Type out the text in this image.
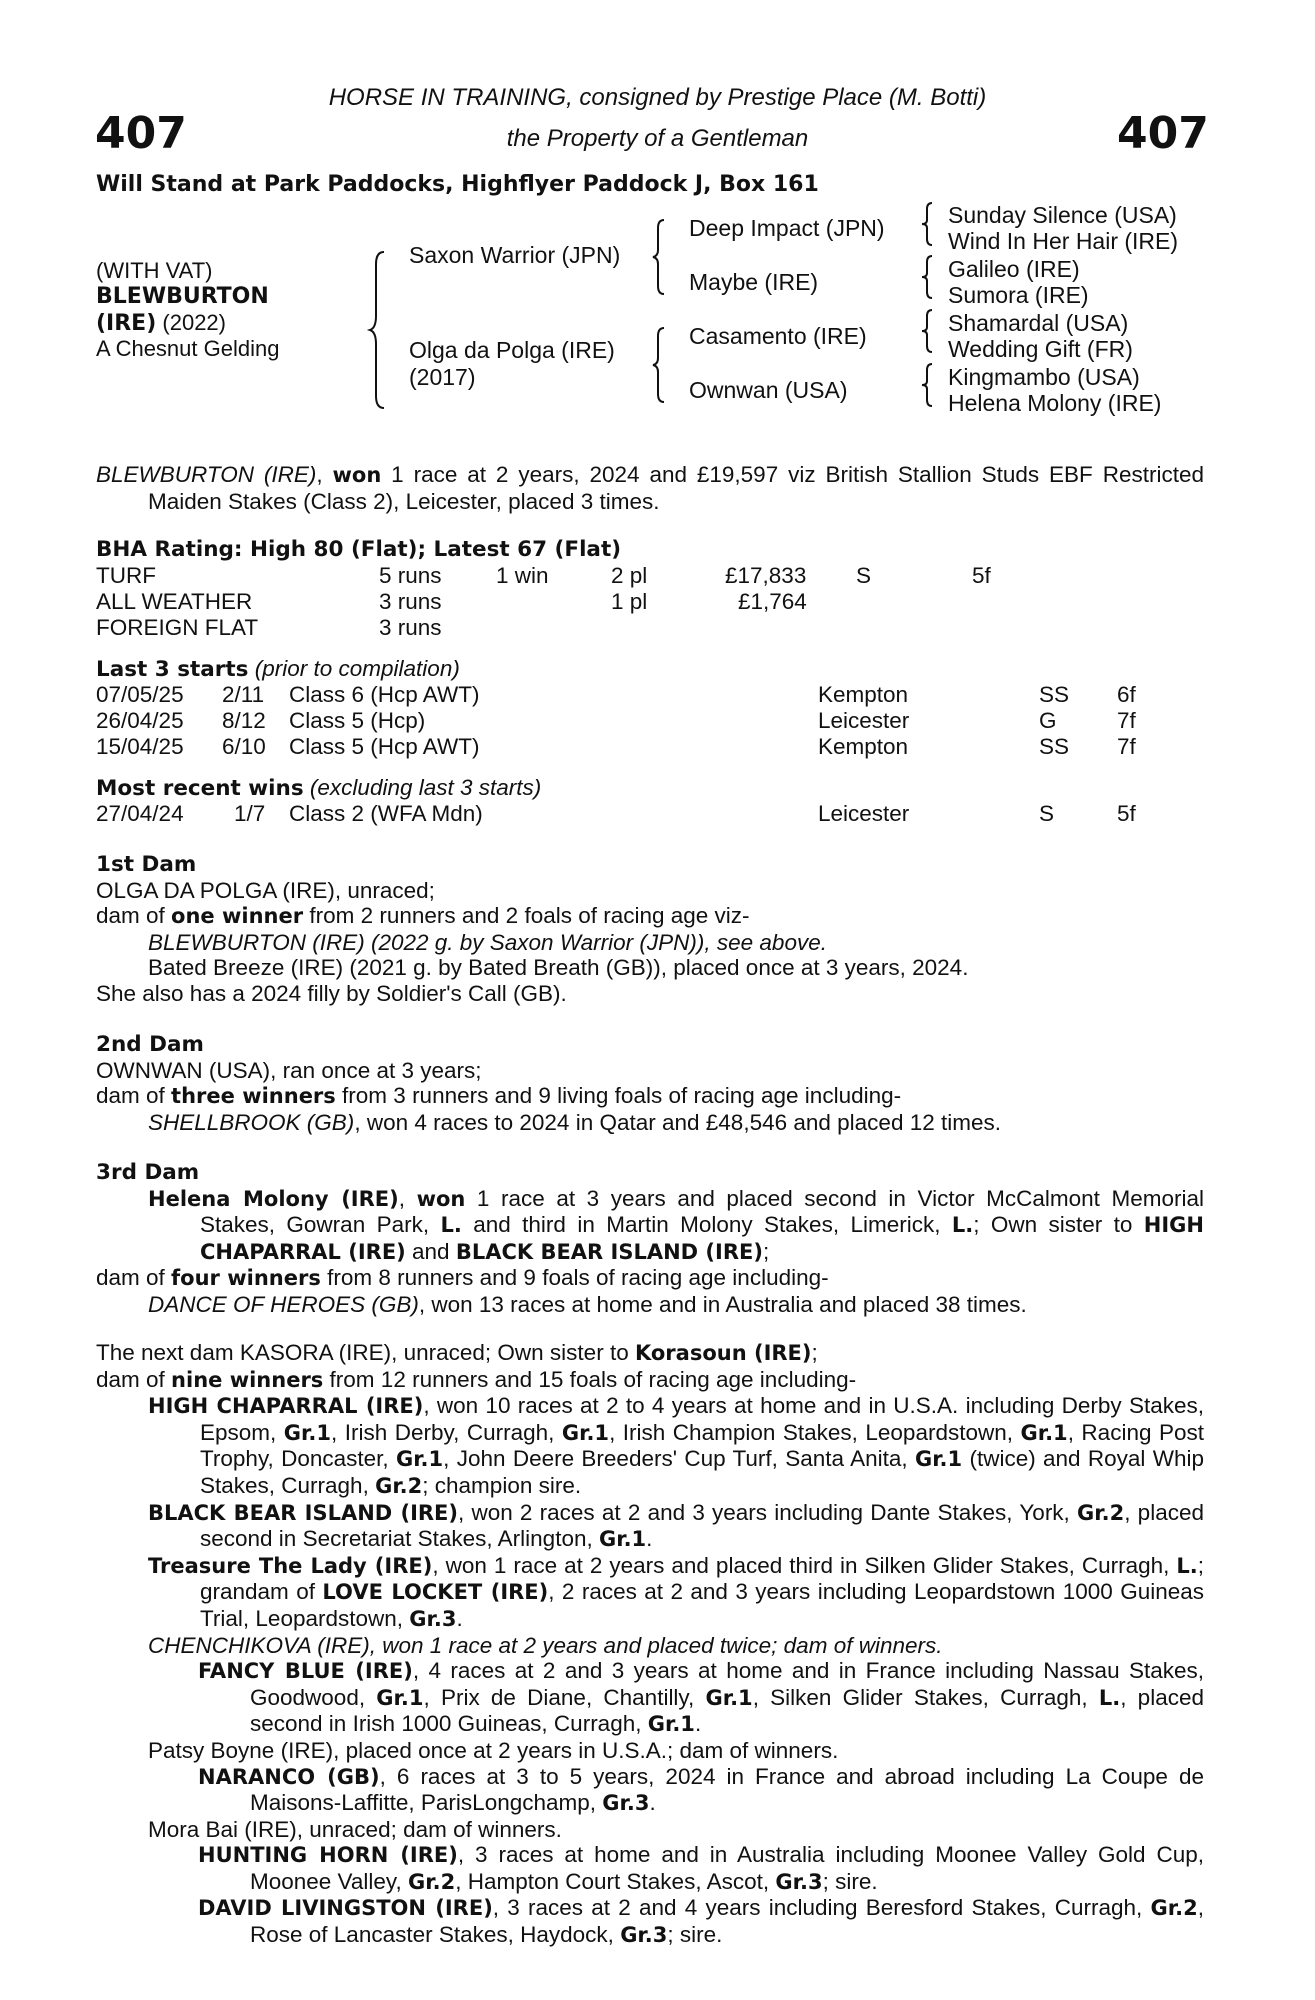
407	407
HORSE IN TRAINING, consigned by Prestige Place (M. Botti)
the Property of a Gentleman
Will Stand at Park Paddocks, Highflyer Paddock J, Box 161
(WITH VAT)
BLEWBURTON
(IRE) (2022)
A Chesnut Gelding
Saxon Warrior (JPN)
Olga da Polga (IRE)
(2017)
Deep Impact (JPN)
Maybe (IRE)
Casamento (IRE)
Ownwan (USA)
Sunday Silence (USA)
Wind In Her Hair (IRE)
Galileo (IRE)
Sumora (IRE)
Shamardal (USA)
Wedding Gift (FR)
Kingmambo (USA)
Helena Molony (IRE)
BLEWBURTON (IRE), won 1 race at 2 years, 2024 and £19,597 viz British Stallion Studs EBF Restricted Maiden Stakes (Class 2), Leicester, placed 3 times.
BHA Rating: High 80 (Flat); Latest 67 (Flat)
TURF	5 runs 1 win	2 pl	£17,833 S	5f
ALL WEATHER	3 runs	1 pl	£1,764
FOREIGN FLAT	3 runs
Last 3 starts (prior to compilation)
07/05/25 2/11 Class 6 (Hcp AWT)	Kempton	SS 6f
26/04/25 8/12 Class 5 (Hcp)	Leicester	G	7f
15/04/25 6/10 Class 5 (Hcp AWT)	Kempton	SS 7f
Most recent wins (excluding last 3 starts)
27/04/24 1/7 Class 2 (WFA Mdn)	Leicester	S	5f
1st Dam
OLGA DA POLGA (IRE), unraced;
dam of one winner from 2 runners and 2 foals of racing age viz-
BLEWBURTON (IRE) (2022 g. by Saxon Warrior (JPN)), see above.
Bated Breeze (IRE) (2021 g. by Bated Breath (GB)), placed once at 3 years, 2024.
She also has a 2024 filly by Soldier's Call (GB).
2nd Dam
OWNWAN (USA), ran once at 3 years;
dam of three winners from 3 runners and 9 living foals of racing age including-
SHELLBROOK (GB), won 4 races to 2024 in Qatar and £48,546 and placed 12 times.
3rd Dam
Helena Molony (IRE), won 1 race at 3 years and placed second in Victor McCalmont Memorial Stakes, Gowran Park, L. and third in Martin Molony Stakes, Limerick, L.; Own sister to HIGH CHAPARRAL (IRE) and BLACK BEAR ISLAND (IRE);
dam of four winners from 8 runners and 9 foals of racing age including-
DANCE OF HEROES (GB), won 13 races at home and in Australia and placed 38 times.
The next dam KASORA (IRE), unraced; Own sister to Korasoun (IRE);
dam of nine winners from 12 runners and 15 foals of racing age including-
HIGH CHAPARRAL (IRE), won 10 races at 2 to 4 years at home and in U.S.A. including Derby Stakes, Epsom, Gr.1, Irish Derby, Curragh, Gr.1, Irish Champion Stakes, Leopardstown, Gr.1, Racing Post Trophy, Doncaster, Gr.1, John Deere Breeders' Cup Turf, Santa Anita, Gr.1 (twice) and Royal Whip Stakes, Curragh, Gr.2; champion sire.
BLACK BEAR ISLAND (IRE), won 2 races at 2 and 3 years including Dante Stakes, York, Gr.2, placed second in Secretariat Stakes, Arlington, Gr.1.
Treasure The Lady (IRE), won 1 race at 2 years and placed third in Silken Glider Stakes, Curragh, L.; grandam of LOVE LOCKET (IRE), 2 races at 2 and 3 years including Leopardstown 1000 Guineas Trial, Leopardstown, Gr.3.
CHENCHIKOVA (IRE), won 1 race at 2 years and placed twice; dam of winners.
FANCY BLUE (IRE), 4 races at 2 and 3 years at home and in France including Nassau Stakes, Goodwood, Gr.1, Prix de Diane, Chantilly, Gr.1, Silken Glider Stakes, Curragh, L., placed second in Irish 1000 Guineas, Curragh, Gr.1.
Patsy Boyne (IRE), placed once at 2 years in U.S.A.; dam of winners.
NARANCO (GB), 6 races at 3 to 5 years, 2024 in France and abroad including La Coupe de Maisons-Laffitte, ParisLongchamp, Gr.3.
Mora Bai (IRE), unraced; dam of winners.
HUNTING HORN (IRE), 3 races at home and in Australia including Moonee Valley Gold Cup, Moonee Valley, Gr.2, Hampton Court Stakes, Ascot, Gr.3; sire.
DAVID LIVINGSTON (IRE), 3 races at 2 and 4 years including Beresford Stakes, Curragh, Gr.2, Rose of Lancaster Stakes, Haydock, Gr.3; sire.
